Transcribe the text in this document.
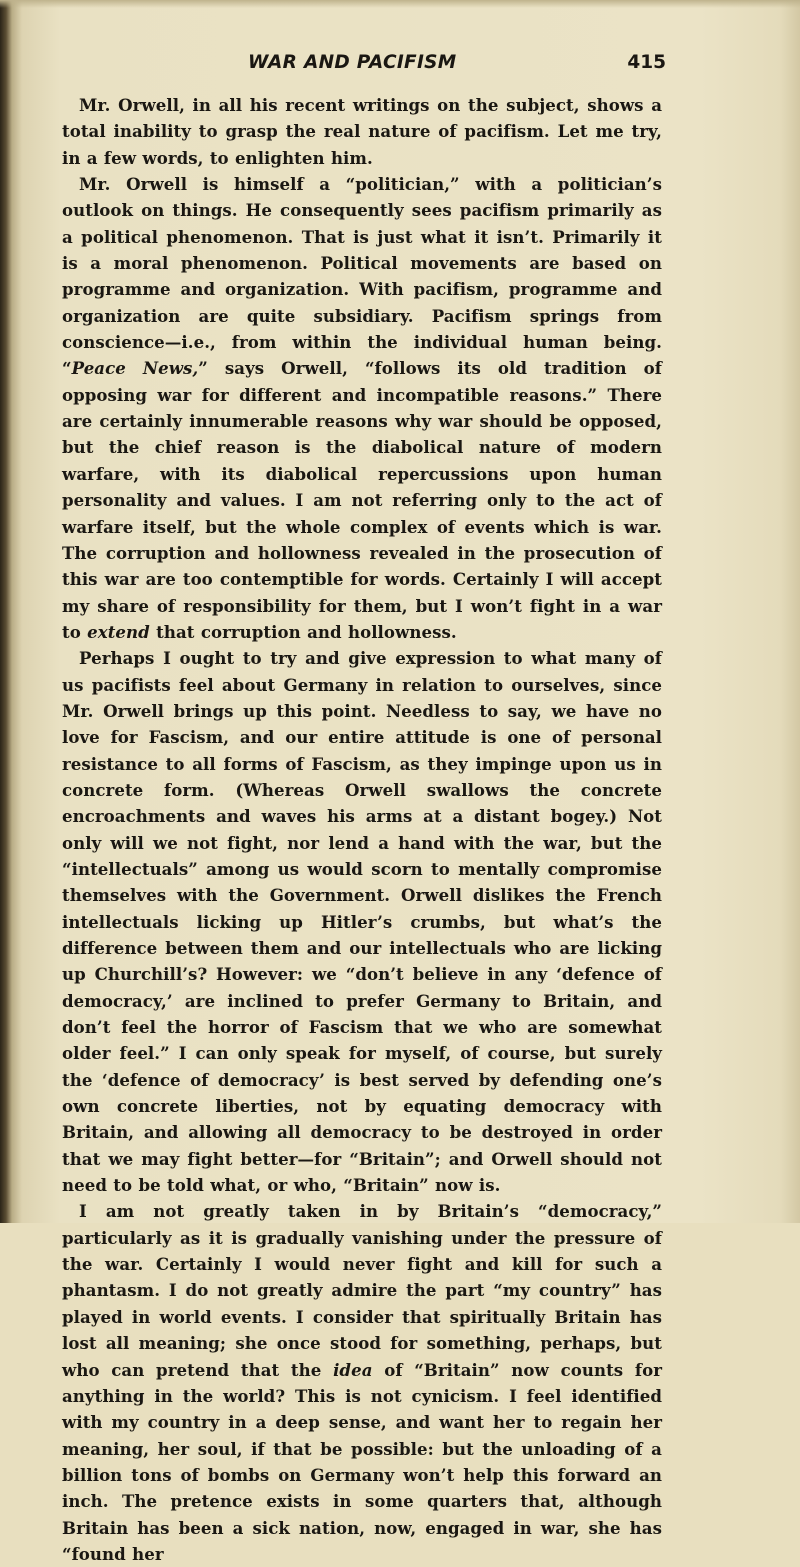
WAR AND PACIFISM	415

Mr. Orwell, in all his recent writings on the subject, shows a total inability to grasp the real nature of pacifism. Let me try, in a few words, to enlighten him.

Mr. Orwell is himself a “politician,” with a politician’s outlook on things. He consequently sees pacifism primarily as a political phenomenon. That is just what it isn’t. Primarily it is a moral phenomenon. Political movements are based on programme and organization. With pacifism, programme and organization are quite subsidiary. Pacifism springs from conscience—i.e., from within the individual human being. “Peace News,” says Orwell, “follows its old tradition of opposing war for different and incompatible reasons.” There are certainly innumerable reasons why war should be opposed, but the chief reason is the diabolical nature of modern warfare, with its diabolical repercussions upon human personality and values. I am not referring only to the act of warfare itself, but the whole complex of events which is war. The corruption and hollowness revealed in the prosecution of this war are too contemptible for words. Certainly I will accept my share of responsibility for them, but I won’t fight in a war to extend that corruption and hollowness.

Perhaps I ought to try and give expression to what many of us pacifists feel about Germany in relation to ourselves, since Mr. Orwell brings up this point. Needless to say, we have no love for Fascism, and our entire attitude is one of personal resistance to all forms of Fascism, as they impinge upon us in concrete form. (Whereas Orwell swallows the concrete encroachments and waves his arms at a distant bogey.) Not only will we not fight, nor lend a hand with the war, but the “intellectuals” among us would scorn to mentally compromise themselves with the Government. Orwell dislikes the French intellectuals licking up Hitler’s crumbs, but what’s the difference between them and our intellectuals who are licking up Churchill’s? However: we “don’t believe in any ‘defence of democracy,’ are inclined to prefer Germany to Britain, and don’t feel the horror of Fascism that we who are somewhat older feel.” I can only speak for myself, of course, but surely the ‘defence of democracy’ is best served by defending one’s own concrete liberties, not by equating democracy with Britain, and allowing all democracy to be destroyed in order that we may fight better—for “Britain”; and Orwell should not need to be told what, or who, “Britain” now is.

I am not greatly taken in by Britain’s “democracy,” particularly as it is gradually vanishing under the pressure of the war. Certainly I would never fight and kill for such a phantasm. I do not greatly admire the part “my country” has played in world events. I consider that spiritually Britain has lost all meaning; she once stood for something, perhaps, but who can pretend that the idea of “Britain” now counts for anything in the world? This is not cynicism. I feel identified with my country in a deep sense, and want her to regain her meaning, her soul, if that be possible: but the unloading of a billion tons of bombs on Germany won’t help this forward an inch. The pretence exists in some quarters that, although Britain has been a sick nation, now, engaged in war, she has “found her
